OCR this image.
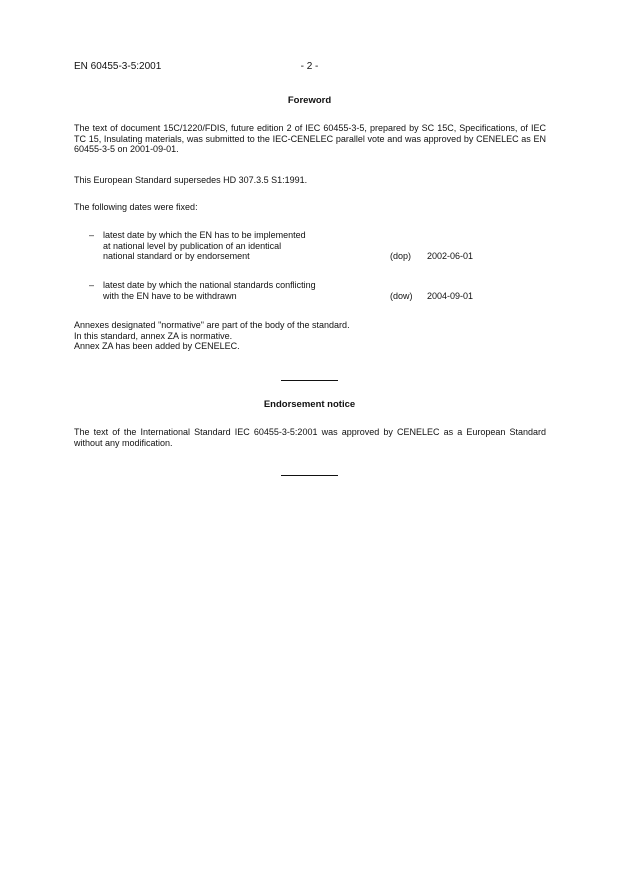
EN 60455-3-5:2001	- 2 -
Foreword
The text of document 15C/1220/FDIS, future edition 2 of IEC 60455-3-5, prepared by SC 15C, Specifications, of IEC TC 15, Insulating materials, was submitted to the IEC-CENELEC parallel vote and was approved by CENELEC as EN 60455-3-5 on 2001-09-01.
This European Standard supersedes HD 307.3.5 S1:1991.
The following dates were fixed:
– latest date by which the EN has to be implemented
at national level by publication of an identical
national standard or by endorsement	(dop) 2002-06-01
– latest date by which the national standards conflicting
with the EN have to be withdrawn	(dow) 2004-09-01
Annexes designated "normative" are part of the body of the standard.
In this standard, annex ZA is normative.
Annex ZA has been added by CENELEC.
Endorsement notice
The text of the International Standard IEC 60455-3-5:2001 was approved by CENELEC as a European Standard without any modification.
